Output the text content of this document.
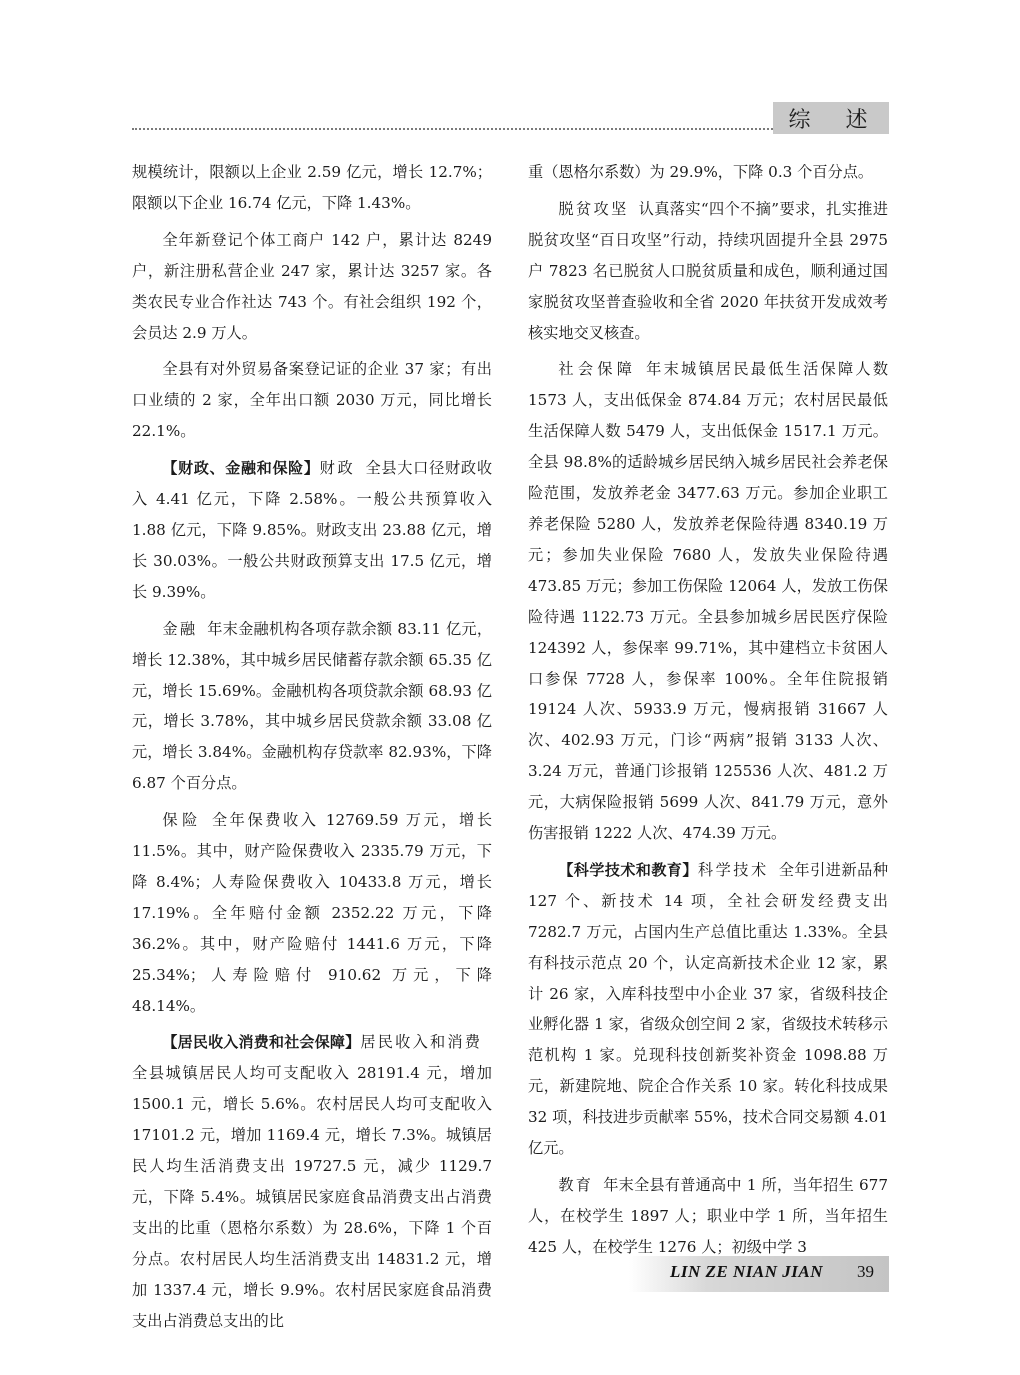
综 述

规模统计，限额以上企业 2.59 亿元，增长 12.7%；限额以下企业 16.74 亿元，下降 1.43%。

全年新登记个体工商户 142 户，累计达 8249 户，新注册私营企业 247 家，累计达 3257 家。各类农民专业合作社达 743 个。有社会组织 192 个，会员达 2.9 万人。

全县有对外贸易备案登记证的企业 37 家；有出口业绩的 2 家，全年出口额 2030 万元，同比增长 22.1%。

【财政、金融和保险】财政 全县大口径财政收入 4.41 亿元，下降 2.58%。一般公共预算收入 1.88 亿元，下降 9.85%。财政支出 23.88 亿元，增长 30.03%。一般公共财政预算支出 17.5 亿元，增长 9.39%。

金融 年末金融机构各项存款余额 83.11 亿元，增长 12.38%，其中城乡居民储蓄存款余额 65.35 亿元，增长 15.69%。金融机构各项贷款余额 68.93 亿元，增长 3.78%，其中城乡居民贷款余额 33.08 亿元，增长 3.84%。金融机构存贷款率 82.93%，下降 6.87 个百分点。

保险 全年保费收入 12769.59 万元，增长 11.5%。其中，财产险保费收入 2335.79 万元，下降 8.4%；人寿险保费收入 10433.8 万元，增长 17.19%。全年赔付金额 2352.22 万元，下降 36.2%。其中，财产险赔付 1441.6 万元，下降 25.34%；人寿险赔付 910.62 万元，下降 48.14%。

【居民收入消费和社会保障】居民收入和消费全县城镇居民人均可支配收入 28191.4 元，增加 1500.1 元，增长 5.6%。农村居民人均可支配收入 17101.2 元，增加 1169.4 元，增长 7.3%。城镇居民人均生活消费支出 19727.5 元，减少 1129.7 元，下降 5.4%。城镇居民家庭食品消费支出占消费支出的比重（恩格尔系数）为 28.6%，下降 1 个百分点。农村居民人均生活消费支出 14831.2 元，增加 1337.4 元，增长 9.9%。农村居民家庭食品消费支出占消费总支出的比

重（恩格尔系数）为 29.9%，下降 0.3 个百分点。

脱贫攻坚 认真落实“四个不摘”要求，扎实推进脱贫攻坚“百日攻坚”行动，持续巩固提升全县 2975 户 7823 名已脱贫人口脱贫质量和成色，顺利通过国家脱贫攻坚普查验收和全省 2020 年扶贫开发成效考核实地交叉核查。

社会保障 年末城镇居民最低生活保障人数 1573 人，支出低保金 874.84 万元；农村居民最低生活保障人数 5479 人，支出低保金 1517.1 万元。全县 98.8%的适龄城乡居民纳入城乡居民社会养老保险范围，发放养老金 3477.63 万元。参加企业职工养老保险 5280 人，发放养老保险待遇 8340.19 万元；参加失业保险 7680 人，发放失业保险待遇 473.85 万元；参加工伤保险 12064 人，发放工伤保险待遇 1122.73 万元。全县参加城乡居民医疗保险 124392 人，参保率 99.71%，其中建档立卡贫困人口参保 7728 人，参保率 100%。全年住院报销 19124 人次、5933.9 万元，慢病报销 31667 人次、402.93 万元，门诊“两病”报销 3133 人次、3.24 万元，普通门诊报销 125536 人次、481.2 万元，大病保险报销 5699 人次、841.79 万元，意外伤害报销 1222 人次、474.39 万元。

【科学技术和教育】科学技术 全年引进新品种 127 个、新技术 14 项，全社会研发经费支出 7282.7 万元，占国内生产总值比重达 1.33%。全县有科技示范点 20 个，认定高新技术企业 12 家，累计 26 家，入库科技型中小企业 37 家，省级科技企业孵化器 1 家，省级众创空间 2 家，省级技术转移示范机构 1 家。兑现科技创新奖补资金 1098.88 万元，新建院地、院企合作关系 10 家。转化科技成果 32 项，科技进步贡献率 55%，技术合同交易额 4.01 亿元。

教育 年末全县有普通高中 1 所，当年招生 677 人，在校学生 1897 人；职业中学 1 所，当年招生 425 人，在校学生 1276 人；初级中学 3

LIN ZE NIAN JIAN 39
